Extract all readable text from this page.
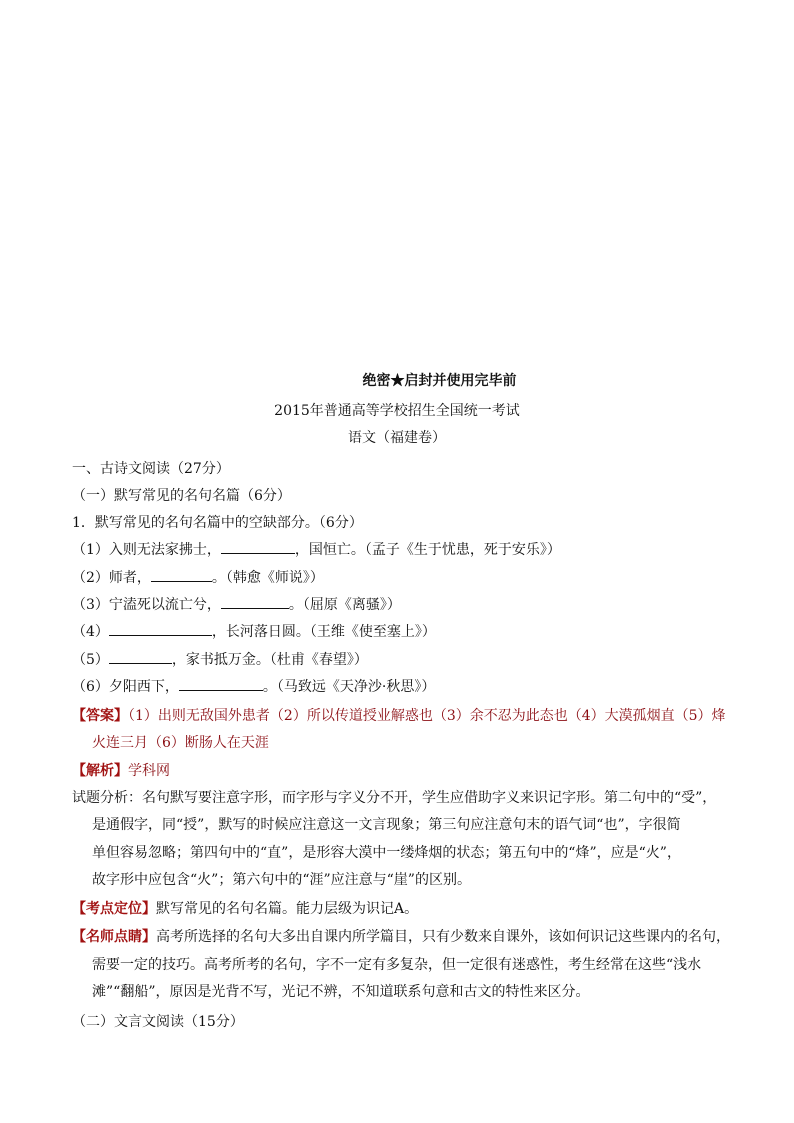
绝密★启封并使用完毕前
2015年普通高等学校招生全国统一考试
语文（福建卷）
一、古诗文阅读（27分）
（一）默写常见的名句名篇（6分）
1．默写常见的名句名篇中的空缺部分。（6分）
（1）入则无法家拂士，	，国恒亡。（孟子《生于忧患，死于安乐》）
（2）师者，	。（韩愈《师说》）
（3）宁溘死以流亡兮，	。（屈原《离骚》）
（4）	，长河落日圆。（王维《使至塞上》）
（5）	，家书抵万金。（杜甫《春望》）
（6）夕阳西下，	。（马致远《天净沙·秋思》）
【答案】（1）出则无敌国外患者（2）所以传道授业解惑也（3）余不忍为此态也（4）大漠孤烟直（5）烽
火连三月（6）断肠人在天涯
【解析】学科网
试题分析：名句默写要注意字形，而字形与字义分不开，学生应借助字义来识记字形。第二句中的“受”，
是通假字，同“授”，默写的时候应注意这一文言现象；第三句应注意句末的语气词“也”，字很简
单但容易忽略；第四句中的“直”，是形容大漠中一缕烽烟的状态；第五句中的“烽”，应是“火”，
故字形中应包含“火”；第六句中的“涯”应注意与“崖”的区别。
【考点定位】默写常见的名句名篇。能力层级为识记A。
【名师点睛】高考所选择的名句大多出自课内所学篇目，只有少数来自课外，该如何识记这些课内的名句，
需要一定的技巧。高考所考的名句，字不一定有多复杂，但一定很有迷惑性，考生经常在这些“浅水
滩”“翻船”，原因是光背不写，光记不辨，不知道联系句意和古文的特性来区分。
（二）文言文阅读（15分）
